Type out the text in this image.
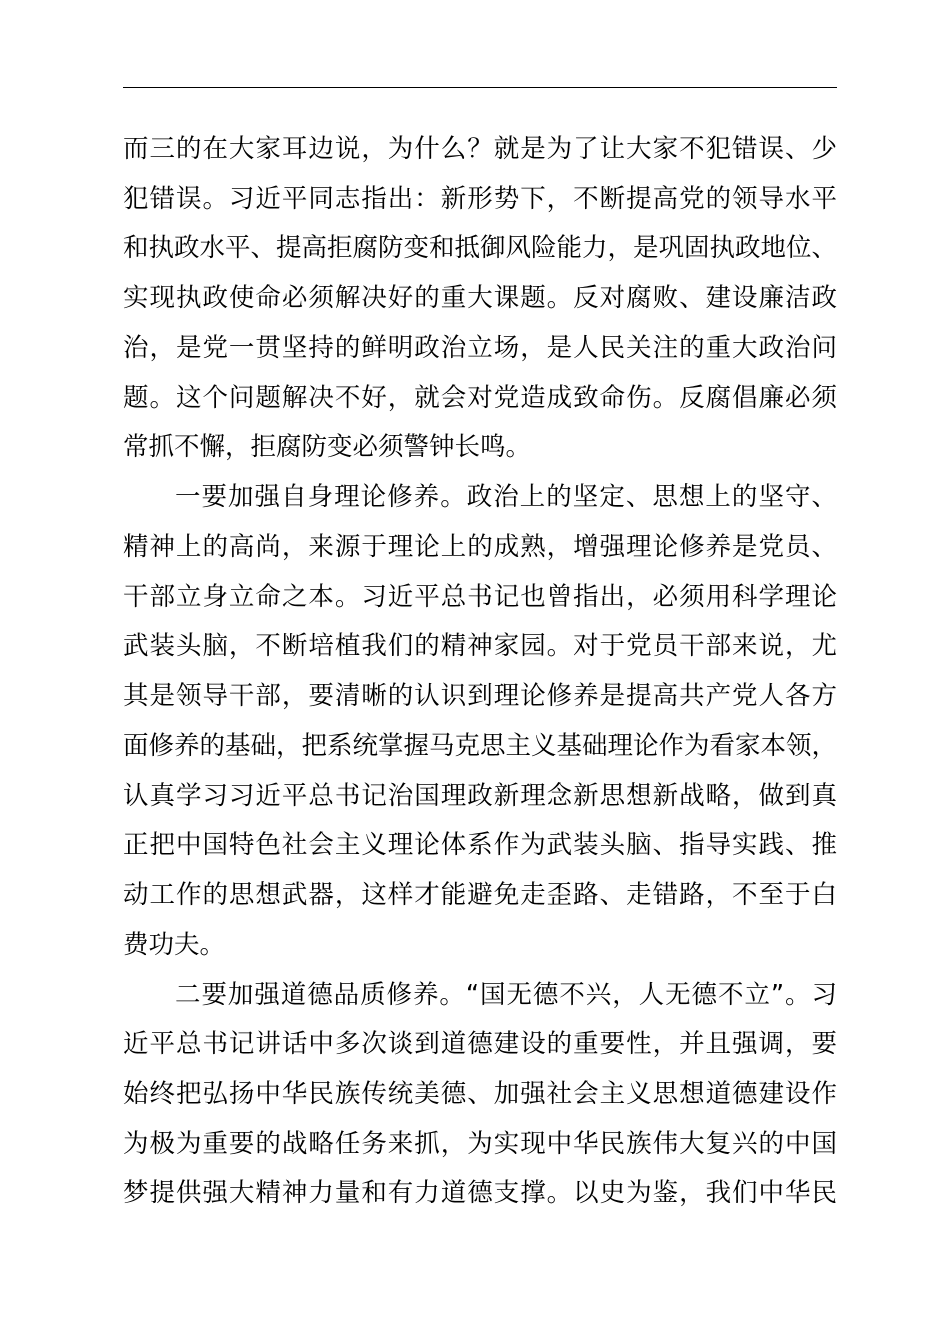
而三的在大家耳边说，为什么？就是为了让大家不犯错误、少
犯错误。习近平同志指出：新形势下，不断提高党的领导水平
和执政水平、提高拒腐防变和抵御风险能力，是巩固执政地位、
实现执政使命必须解决好的重大课题。反对腐败、建设廉洁政
治，是党一贯坚持的鲜明政治立场，是人民关注的重大政治问
题。这个问题解决不好，就会对党造成致命伤。反腐倡廉必须
常抓不懈，拒腐防变必须警钟长鸣。
一要加强自身理论修养。政治上的坚定、思想上的坚守、
精神上的高尚，来源于理论上的成熟，增强理论修养是党员、
干部立身立命之本。习近平总书记也曾指出，必须用科学理论
武装头脑，不断培植我们的精神家园。对于党员干部来说，尤
其是领导干部，要清晰的认识到理论修养是提高共产党人各方
面修养的基础，把系统掌握马克思主义基础理论作为看家本领，
认真学习习近平总书记治国理政新理念新思想新战略，做到真
正把中国特色社会主义理论体系作为武装头脑、指导实践、推
动工作的思想武器，这样才能避免走歪路、走错路，不至于白
费功夫。
二要加强道德品质修养。“国无德不兴，人无德不立”。习
近平总书记讲话中多次谈到道德建设的重要性，并且强调，要
始终把弘扬中华民族传统美德、加强社会主义思想道德建设作
为极为重要的战略任务来抓，为实现中华民族伟大复兴的中国
梦提供强大精神力量和有力道德支撑。以史为鉴，我们中华民
